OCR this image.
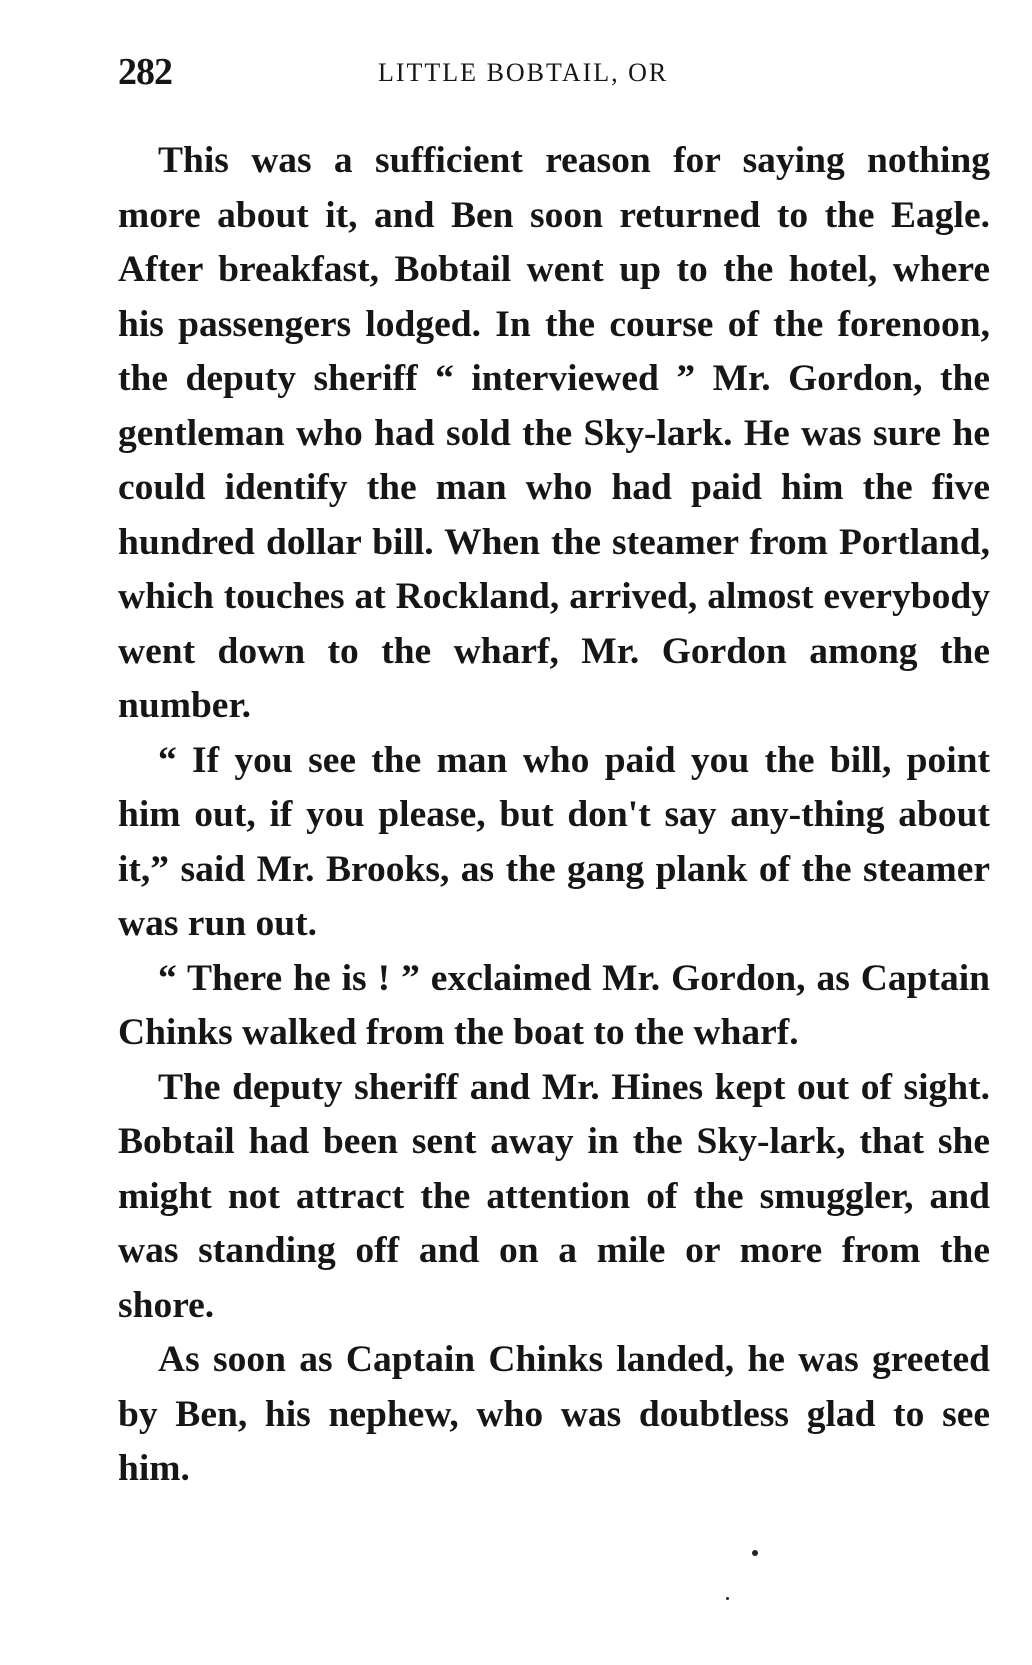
282	LITTLE BOBTAIL, OR

This was a sufficient reason for saying nothing more about it, and Ben soon returned to the Eagle. After breakfast, Bobtail went up to the hotel, where his passengers lodged. In the course of the forenoon, the deputy sheriff “ interviewed ” Mr. Gordon, the gentleman who had sold the Sky-lark. He was sure he could identify the man who had paid him the five hundred dollar bill. When the steamer from Portland, which touches at Rockland, arrived, almost everybody went down to the wharf, Mr. Gordon among the number.

“ If you see the man who paid you the bill, point him out, if you please, but don't say any-thing about it,” said Mr. Brooks, as the gang plank of the steamer was run out.

“ There he is ! ” exclaimed Mr. Gordon, as Captain Chinks walked from the boat to the wharf.

The deputy sheriff and Mr. Hines kept out of sight. Bobtail had been sent away in the Sky-lark, that she might not attract the attention of the smuggler, and was standing off and on a mile or more from the shore.

As soon as Captain Chinks landed, he was greeted by Ben, his nephew, who was doubtless glad to see him.
